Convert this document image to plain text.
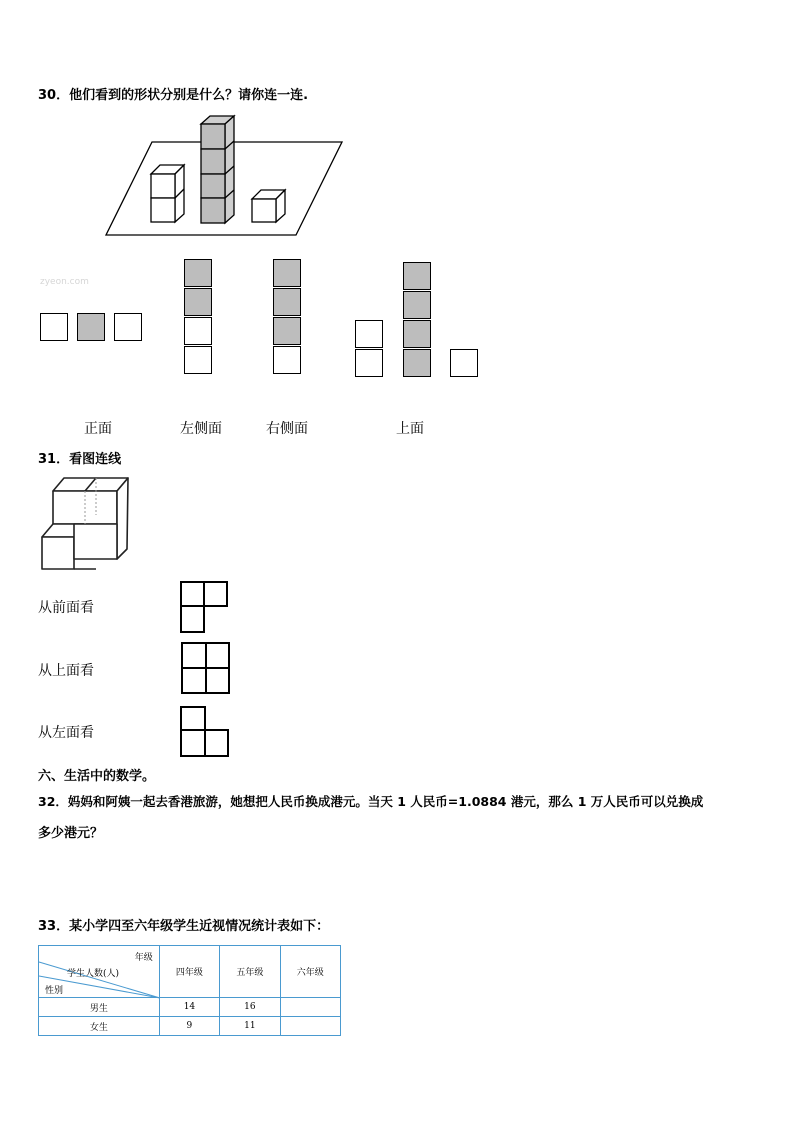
30．他们看到的形状分别是什么？请你连一连.
zyeon.com
正面	左侧面	右侧面	上面
31．看图连线
从前面看
从上面看
从左面看
六、生活中的数学。
32．妈妈和阿姨一起去香港旅游，她想把人民币换成港元。当天 1 人民币=1.0884 港元，那么 1 万人民币可以兑换成
多少港元？
33．某小学四至六年级学生近视情况统计表如下：
年级
学生人数(人)
性别	四年级	五年级	六年级
男生	14	16	
女生	9	11	
